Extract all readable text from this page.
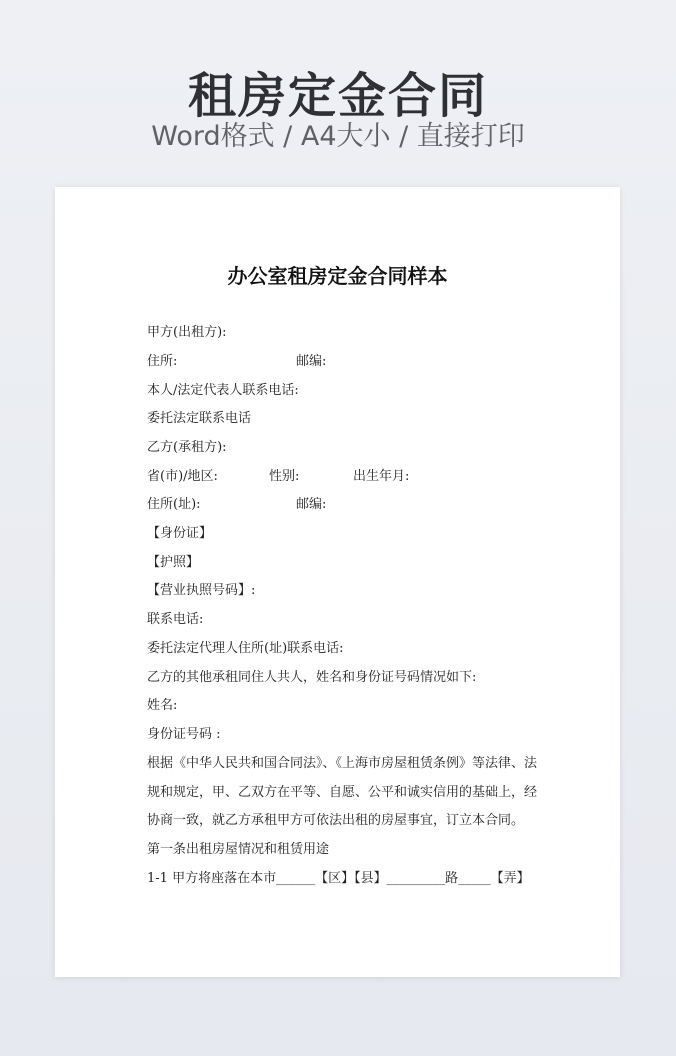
租房定金合同
Word格式 / A4大小 / 直接打印
办公室租房定金合同样本
甲方(出租方):
住所:	邮编:
本人/法定代表人联系电话:
委托法定联系电话
乙方(承租方):
省(市)/地区:	性别:	出生年月:
住所(址):	邮编:
【身份证】
【护照】
【营业执照号码】:
联系电话:
委托法定代理人住所(址)联系电话:
乙方的其他承租同住人共人，姓名和身份证号码情况如下:
姓名:
身份证号码 :
根据《中华人民共和国合同法》、《上海市房屋租赁条例》等法律、法
规和规定，甲、乙双方在平等、自愿、公平和诚实信用的基础上，经
协商一致，就乙方承租甲方可依法出租的房屋事宜，订立本合同。
第一条出租房屋情况和租赁用途
1-1 甲方将座落在本市______【区】【县】_________路_____【弄】
